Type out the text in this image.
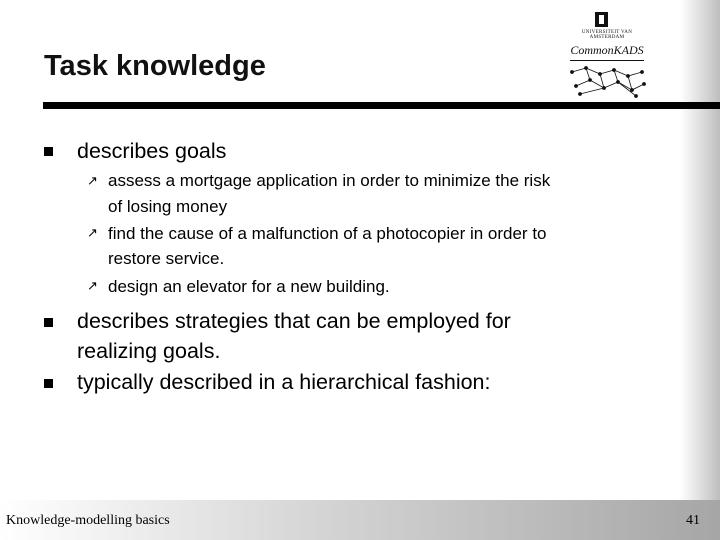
Task knowledge
UNIVERSITEIT VAN AMSTERDAM
CommonKADS
describes goals
↗ assess a mortgage application in order to minimize the risk
of losing money
↗ find the cause of a malfunction of a photocopier in order to
restore service.
↗ design an elevator for a new building.
describes strategies that can be employed for
realizing goals.
typically described in a hierarchical fashion:
Knowledge-modelling basics	41
